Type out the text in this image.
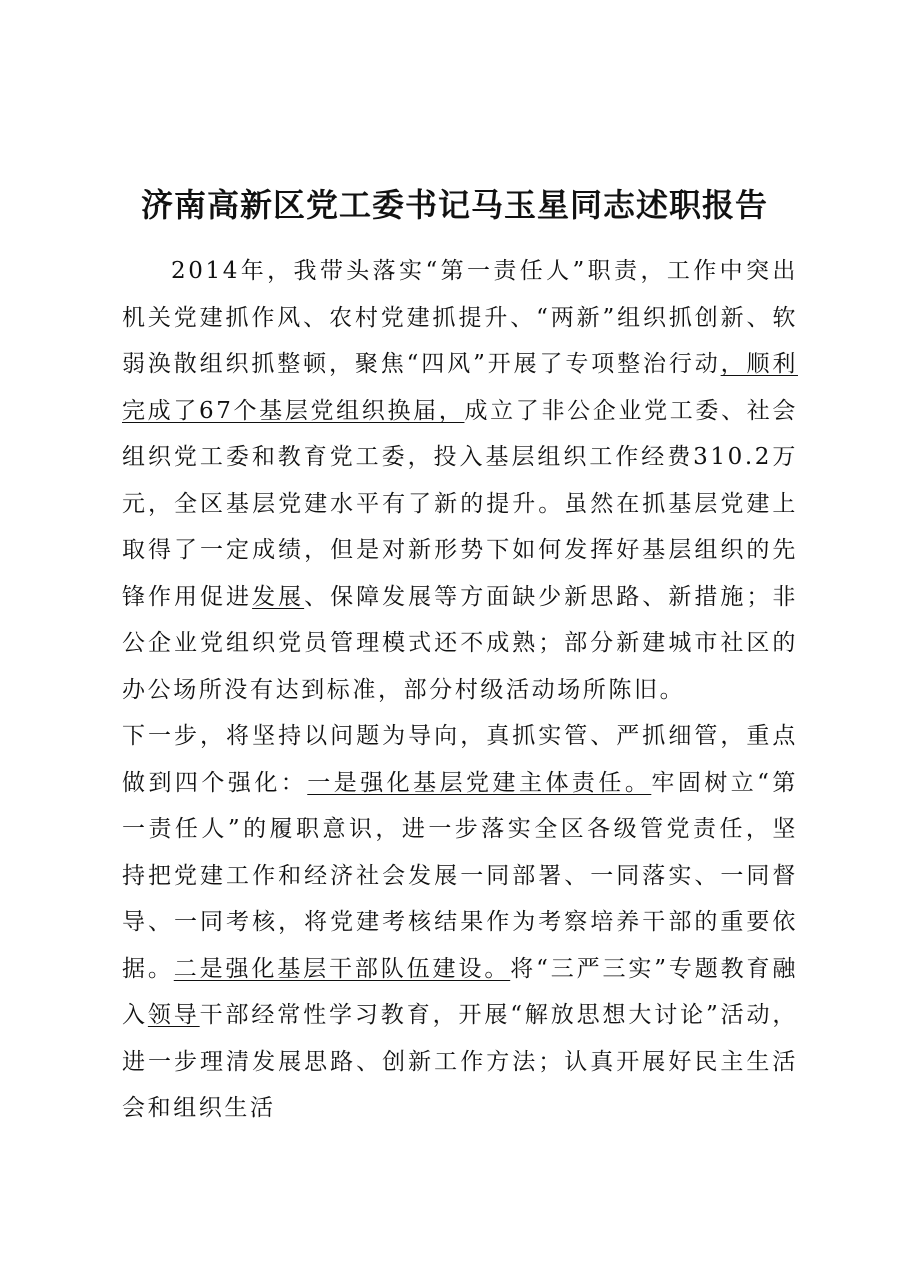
济南高新区党工委书记马玉星同志述职报告

2014年，我带头落实“第一责任人”职责，工作中突出机关党建抓作风、农村党建抓提升、“两新”组织抓创新、软弱涣散组织抓整顿，聚焦“四风”开展了专项整治行动，顺利完成了67个基层党组织换届，成立了非公企业党工委、社会组织党工委和教育党工委，投入基层组织工作经费310.2万元，全区基层党建水平有了新的提升。虽然在抓基层党建上取得了一定成绩，但是对新形势下如何发挥好基层组织的先锋作用促进发展、保障发展等方面缺少新思路、新措施；非公企业党组织党员管理模式还不成熟；部分新建城市社区的办公场所没有达到标准，部分村级活动场所陈旧。

下一步，将坚持以问题为导向，真抓实管、严抓细管，重点做到四个强化：一是强化基层党建主体责任。牢固树立“第一责任人”的履职意识，进一步落实全区各级管党责任，坚持把党建工作和经济社会发展一同部署、一同落实、一同督导、一同考核，将党建考核结果作为考察培养干部的重要依据。二是强化基层干部队伍建设。将“三严三实”专题教育融入领导干部经常性学习教育，开展“解放思想大讨论”活动，进一步理清发展思路、创新工作方法；认真开展好民主生活会和组织生活
